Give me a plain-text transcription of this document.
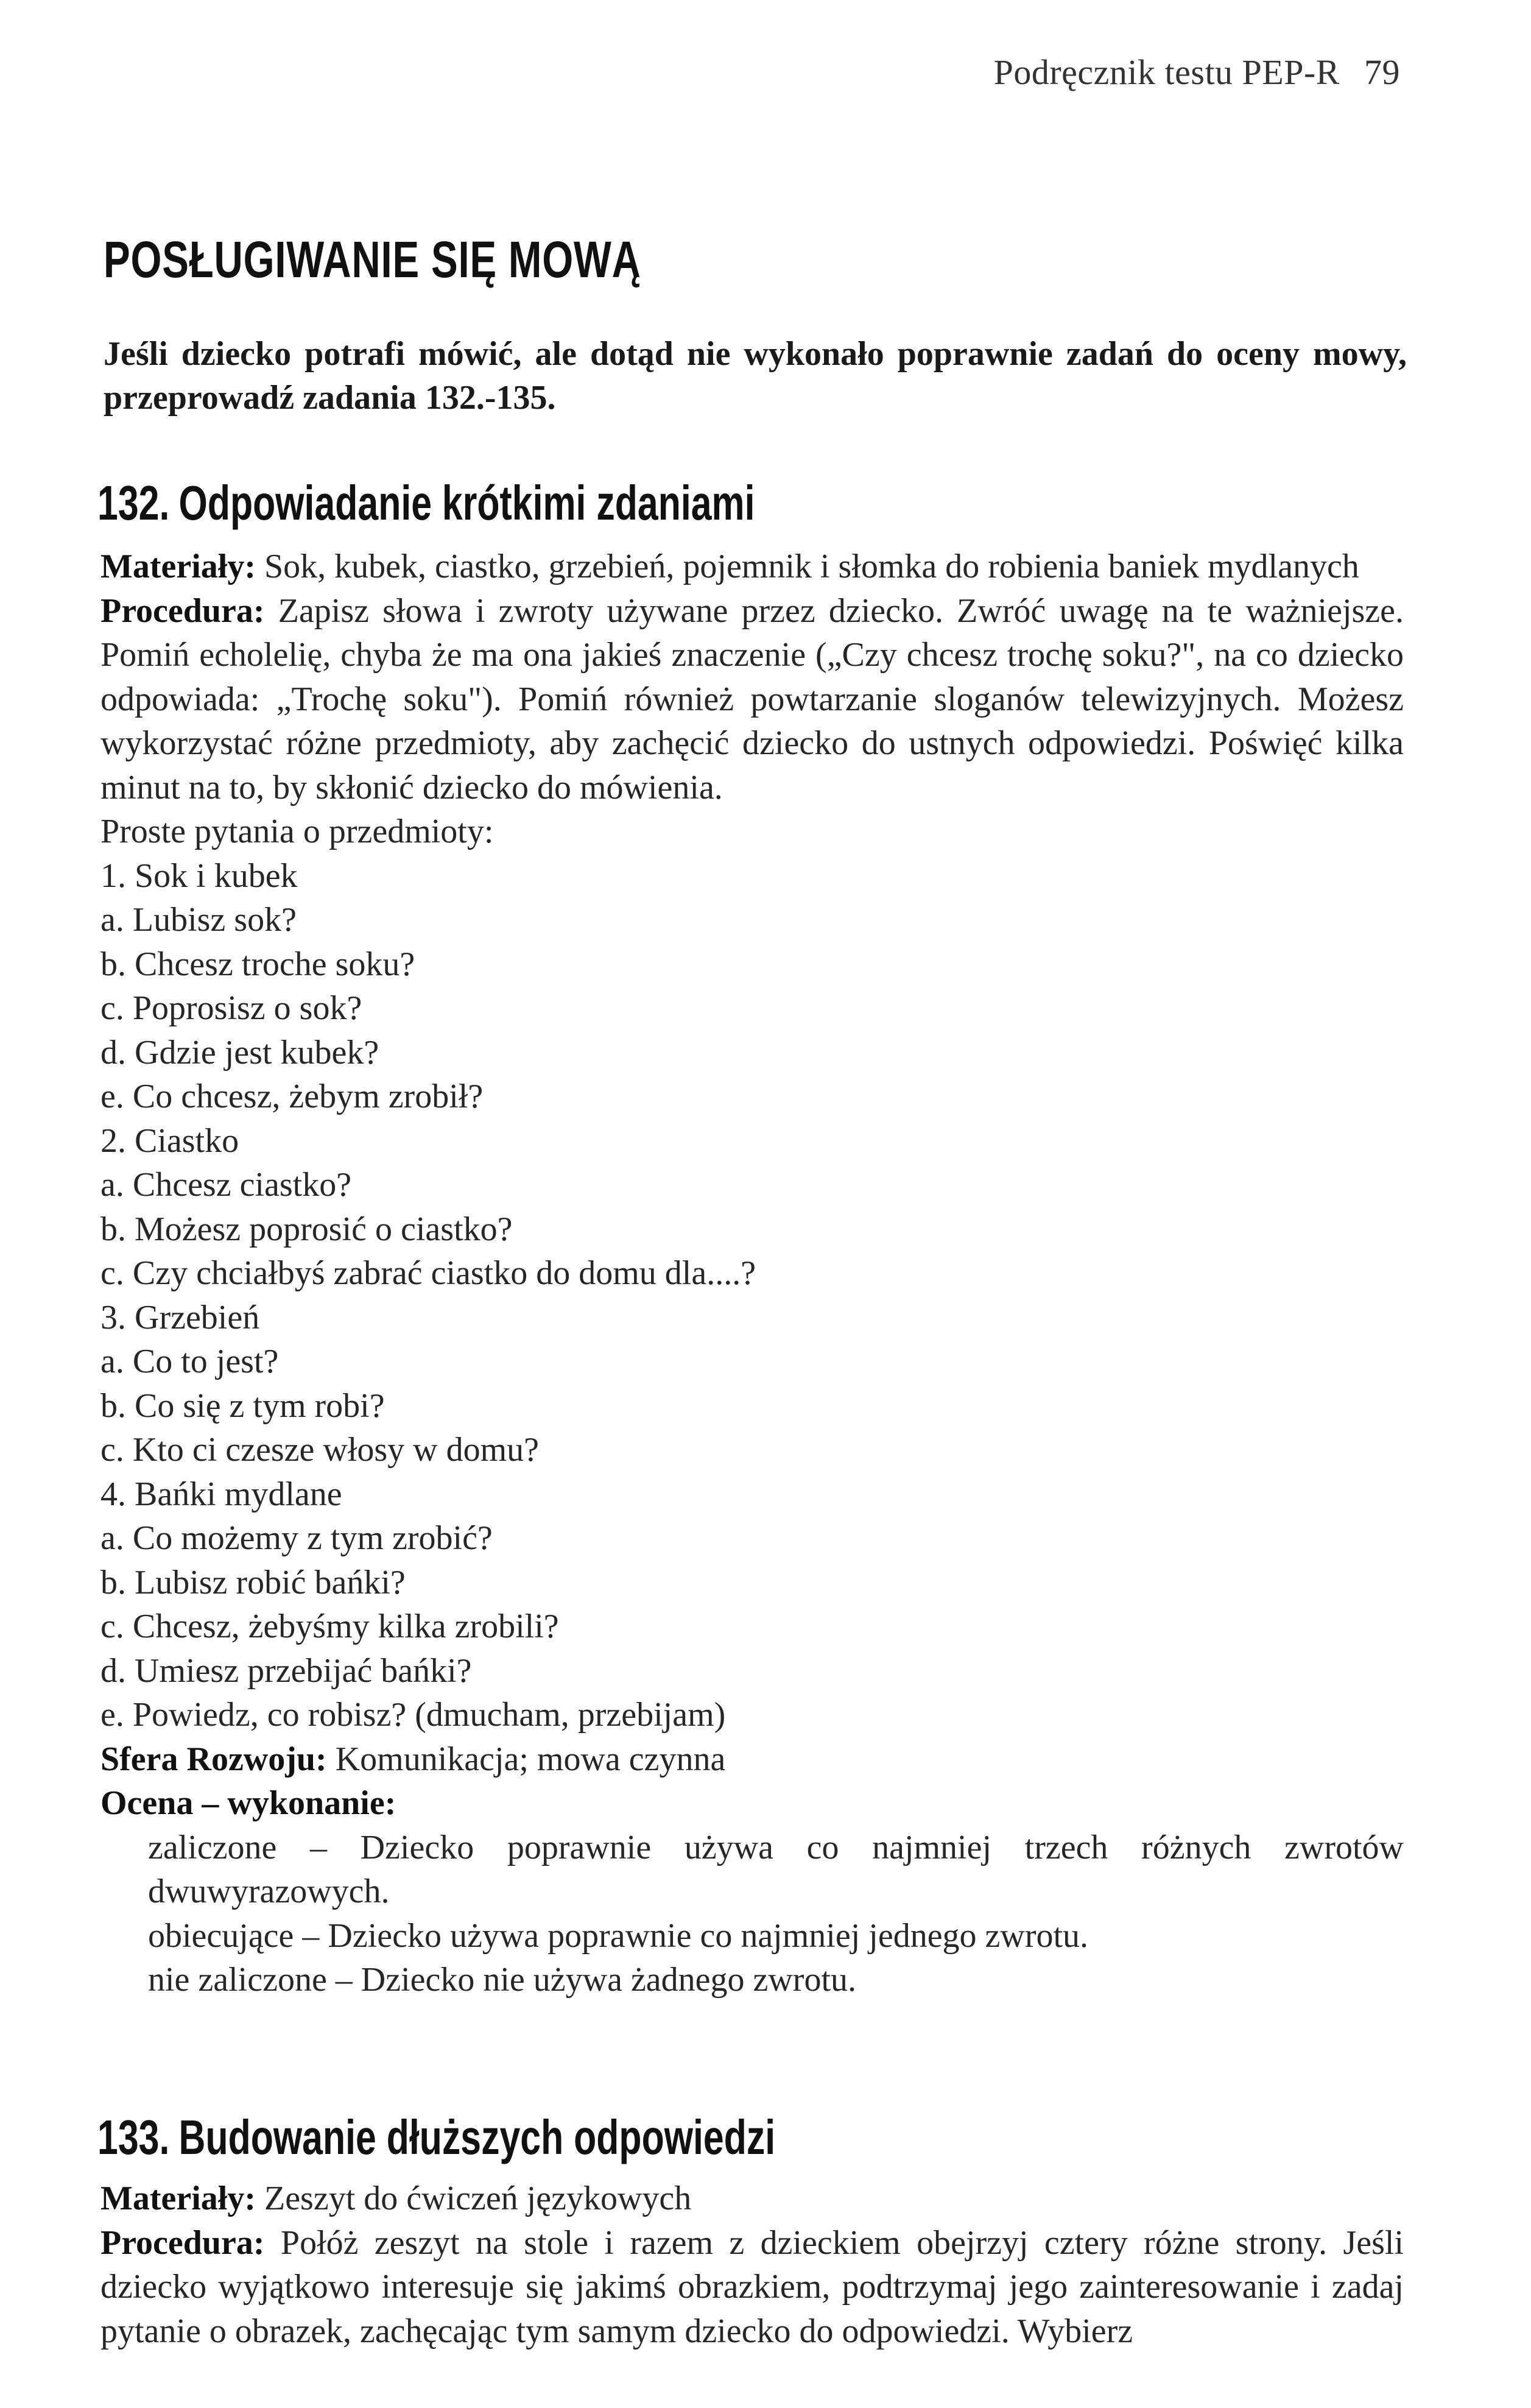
Podręcznik testu PEP-R 79
POSŁUGIWANIE SIĘ MOWĄ
Jeśli dziecko potrafi mówić, ale dotąd nie wykonało poprawnie zadań do oceny mowy, przeprowadź zadania 132.-135.
132. Odpowiadanie krótkimi zdaniami

Materiały: Sok, kubek, ciastko, grzebień, pojemnik i słomka do robienia baniek mydlanych

Procedura: Zapisz słowa i zwroty używane przez dziecko. Zwróć uwagę na te ważniejsze. Pomiń echolelię, chyba że ma ona jakieś znaczenie („Czy chcesz trochę soku?", na co dziecko odpowiada: „Trochę soku"). Pomiń również powtarzanie sloganów telewizyjnych. Możesz wykorzystać różne przedmioty, aby zachęcić dziecko do ustnych odpowiedzi. Poświęć kilka minut na to, by skłonić dziecko do mówienia.

Proste pytania o przedmioty:
1. Sok i kubek
a. Lubisz sok?
b. Chcesz troche soku?
c. Poprosisz o sok?
d. Gdzie jest kubek?
e. Co chcesz, żebym zrobił?
2. Ciastko
a. Chcesz ciastko?
b. Możesz poprosić o ciastko?
c. Czy chciałbyś zabrać ciastko do domu dla....?
3. Grzebień
a. Co to jest?
b. Co się z tym robi?
c. Kto ci czesze włosy w domu?
4. Bańki mydlane
a. Co możemy z tym zrobić?
b. Lubisz robić bańki?
c. Chcesz, żebyśmy kilka zrobili?
d. Umiesz przebijać bańki?
e. Powiedz, co robisz? (dmucham, przebijam)
Sfera Rozwoju: Komunikacja; mowa czynna
Ocena – wykonanie:

zaliczone – Dziecko poprawnie używa co najmniej trzech różnych zwrotów dwuwyrazowych.

obiecujące – Dziecko używa poprawnie co najmniej jednego zwrotu.
nie zaliczone – Dziecko nie używa żadnego zwrotu.
133. Budowanie dłuższych odpowiedzi

Materiały: Zeszyt do ćwiczeń językowych

Procedura: Połóż zeszyt na stole i razem z dzieckiem obejrzyj cztery różne strony. Jeśli dziecko wyjątkowo interesuje się jakimś obrazkiem, podtrzymaj jego zainteresowanie i zadaj pytanie o obrazek, zachęcając tym samym dziecko do odpowiedzi. Wybierz
